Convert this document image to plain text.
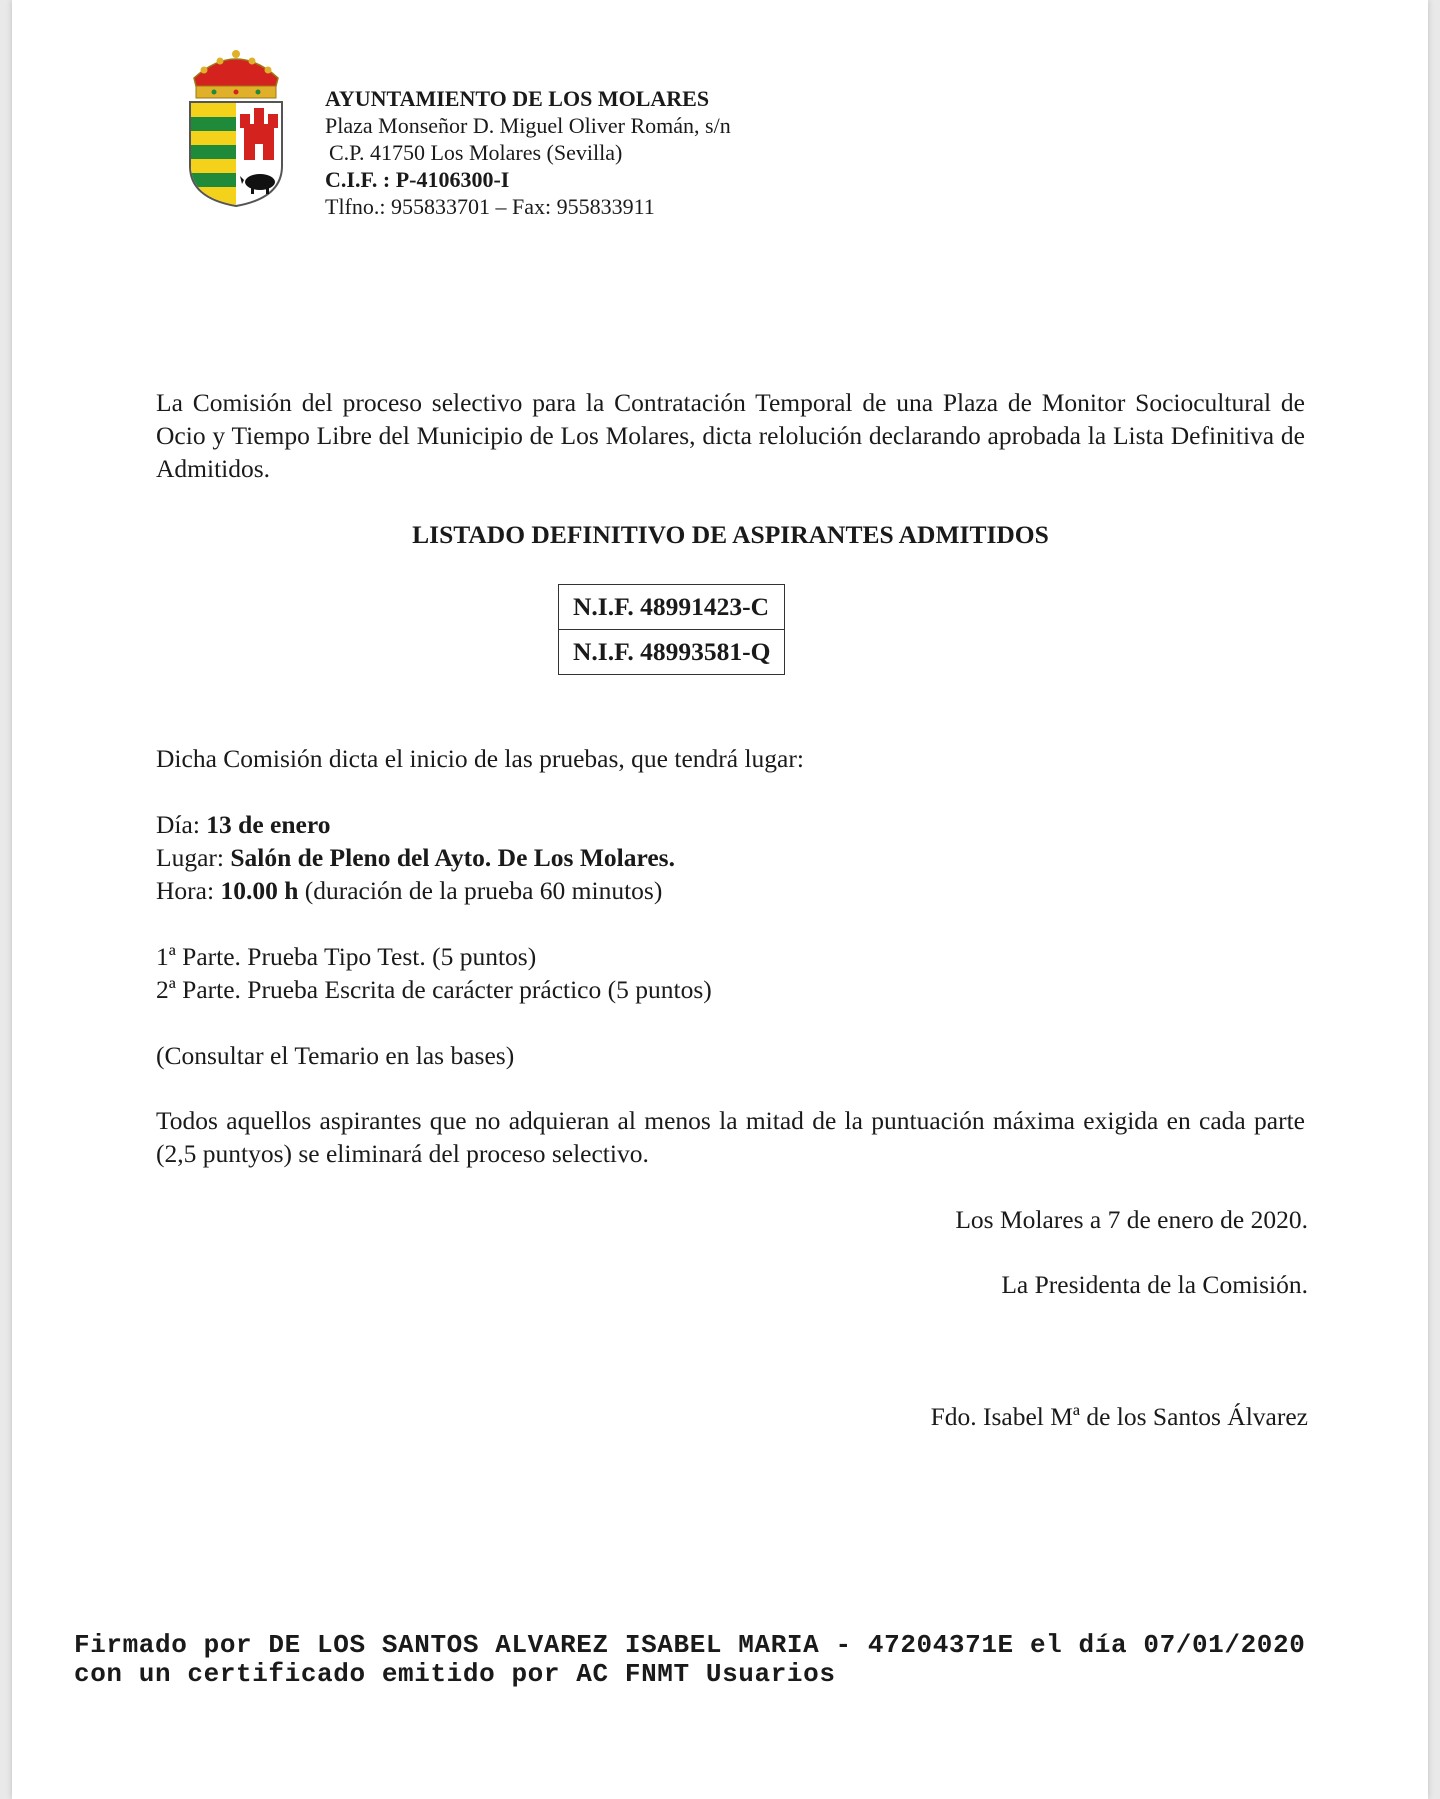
AYUNTAMIENTO DE LOS MOLARES
Plaza Monseñor D. Miguel Oliver Román, s/n
C.P. 41750 Los Molares (Sevilla)
C.I.F. : P-4106300-I
Tlfno.: 955833701 – Fax: 955833911
La Comisión del proceso selectivo para la Contratación Temporal de una Plaza de Monitor Sociocultural de Ocio y Tiempo Libre del Municipio de Los Molares, dicta relolución declarando aprobada la Lista Definitiva de Admitidos.
LISTADO DEFINITIVO DE ASPIRANTES ADMITIDOS
N.I.F. 48991423-C
N.I.F. 48993581-Q
Dicha Comisión dicta el inicio de las pruebas, que tendrá lugar:
Día: 13 de enero
Lugar: Salón de Pleno del Ayto. De Los Molares.
Hora: 10.00 h (duración de la prueba 60 minutos)
1ª Parte. Prueba Tipo Test. (5 puntos)
2ª Parte. Prueba Escrita de carácter práctico (5 puntos)
(Consultar el Temario en las bases)
Todos aquellos aspirantes que no adquieran al menos la mitad de la puntuación máxima exigida en cada parte (2,5 puntyos) se eliminará del proceso selectivo.
Los Molares a 7 de enero de 2020.
La Presidenta de la Comisión.
Fdo. Isabel Mª de los Santos Álvarez
Firmado por DE LOS SANTOS ALVAREZ ISABEL MARIA - 47204371E el día 07/01/2020
con un certificado emitido por AC FNMT Usuarios
